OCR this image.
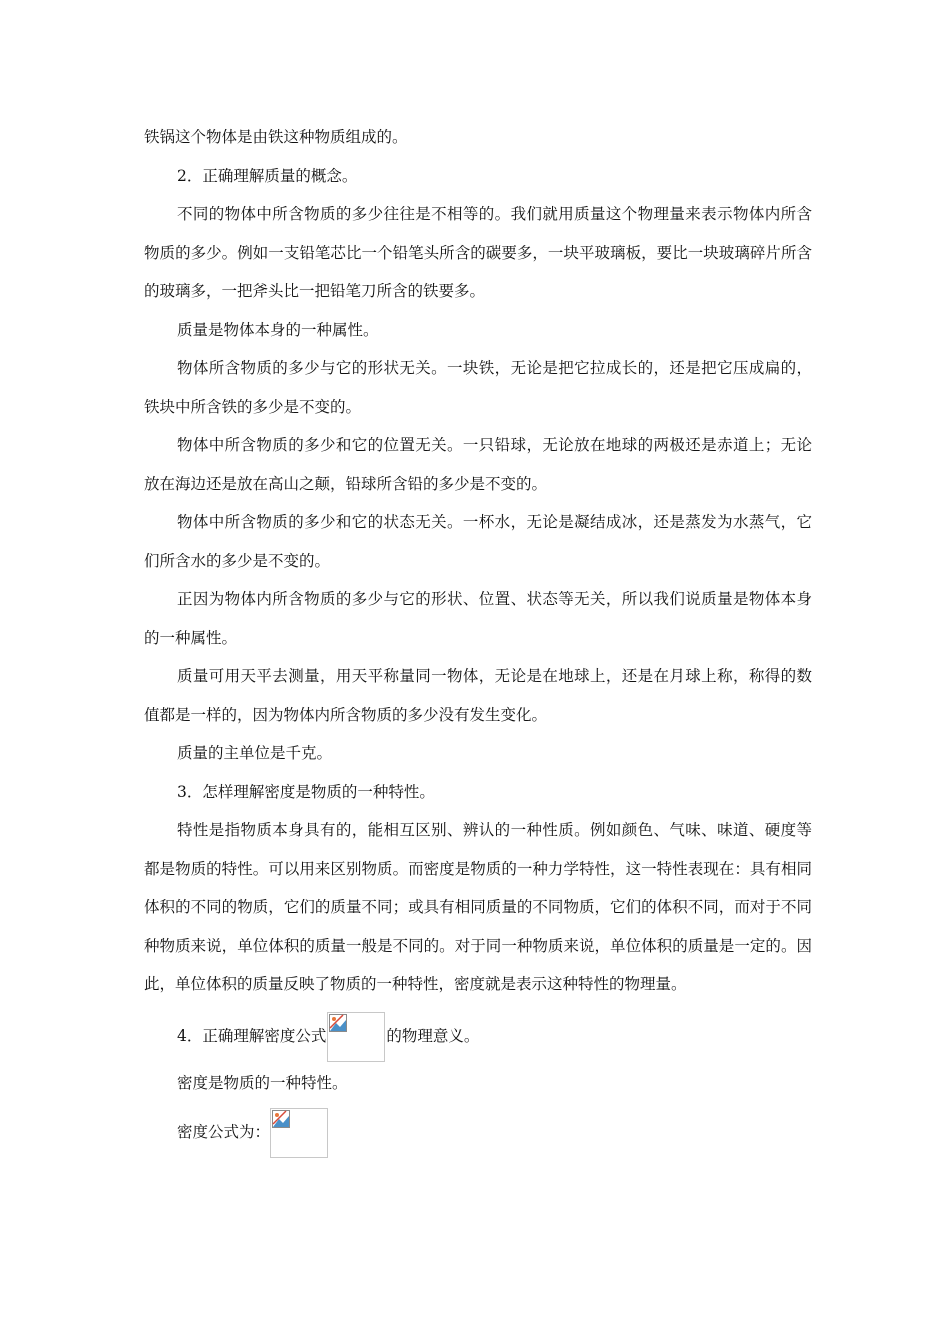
铁锅这个物体是由铁这种物质组成的。

2．正确理解质量的概念。

不同的物体中所含物质的多少往往是不相等的。我们就用质量这个物理量来表示物体内所含物质的多少。例如一支铅笔芯比一个铅笔头所含的碳要多，一块平玻璃板，要比一块玻璃碎片所含的玻璃多，一把斧头比一把铅笔刀所含的铁要多。

质量是物体本身的一种属性。

物体所含物质的多少与它的形状无关。一块铁，无论是把它拉成长的，还是把它压成扁的，铁块中所含铁的多少是不变的。

物体中所含物质的多少和它的位置无关。一只铅球，无论放在地球的两极还是赤道上；无论放在海边还是放在高山之颠，铅球所含铅的多少是不变的。

物体中所含物质的多少和它的状态无关。一杯水，无论是凝结成冰，还是蒸发为水蒸气，它们所含水的多少是不变的。

正因为物体内所含物质的多少与它的形状、位置、状态等无关，所以我们说质量是物体本身的一种属性。

质量可用天平去测量，用天平称量同一物体，无论是在地球上，还是在月球上称，称得的数值都是一样的，因为物体内所含物质的多少没有发生变化。

质量的主单位是千克。

3．怎样理解密度是物质的一种特性。

特性是指物质本身具有的，能相互区别、辨认的一种性质。例如颜色、气味、味道、硬度等都是物质的特性。可以用来区别物质。而密度是物质的一种力学特性，这一特性表现在：具有相同体积的不同的物质，它们的质量不同；或具有相同质量的不同物质，它们的体积不同，而对于不同种物质来说，单位体积的质量一般是不同的。对于同一种物质来说，单位体积的质量是一定的。因此，单位体积的质量反映了物质的一种特性，密度就是表示这种特性的物理量。

4．正确理解密度公式	的物理意义。

密度是物质的一种特性。

密度公式为：
